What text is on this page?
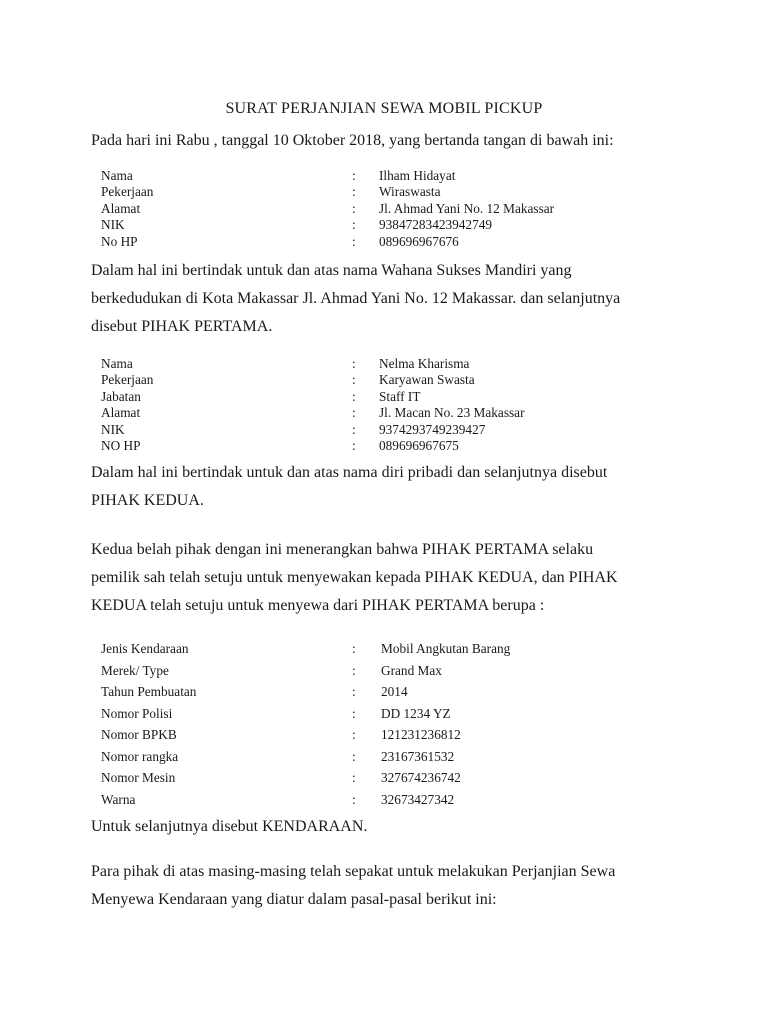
SURAT PERJANJIAN SEWA MOBIL PICKUP

Pada hari ini Rabu , tanggal 10 Oktober 2018, yang bertanda tangan di bawah ini:

Nama	: Ilham Hidayat
Pekerjaan	: Wiraswasta
Alamat	: Jl. Ahmad Yani No. 12 Makassar
NIK	: 93847283423942749
No HP	: 089696967676
Dalam hal ini bertindak untuk dan atas nama Wahana Sukses Mandiri yang
berkedudukan di Kota Makassar Jl. Ahmad Yani No. 12 Makassar. dan selanjutnya
disebut PIHAK PERTAMA.
Nama	: Nelma Kharisma
Pekerjaan	: Karyawan Swasta
Jabatan	: Staff IT
Alamat	: Jl. Macan No. 23 Makassar
NIK	: 9374293749239427
NO HP	: 089696967675
Dalam hal ini bertindak untuk dan atas nama diri pribadi dan selanjutnya disebut
PIHAK KEDUA.
Kedua belah pihak dengan ini menerangkan bahwa PIHAK PERTAMA selaku
pemilik sah telah setuju untuk menyewakan kepada PIHAK KEDUA, dan PIHAK
KEDUA telah setuju untuk menyewa dari PIHAK PERTAMA berupa :
Jenis Kendaraan	: Mobil Angkutan Barang
Merek/ Type	: Grand Max
Tahun Pembuatan	: 2014
Nomor Polisi	: DD 1234 YZ
Nomor BPKB	: 121231236812
Nomor rangka	: 23167361532
Nomor Mesin	: 327674236742
Warna	: 32673427342

Untuk selanjutnya disebut KENDARAAN.

Para pihak di atas masing-masing telah sepakat untuk melakukan Perjanjian Sewa
Menyewa Kendaraan yang diatur dalam pasal-pasal berikut ini:
